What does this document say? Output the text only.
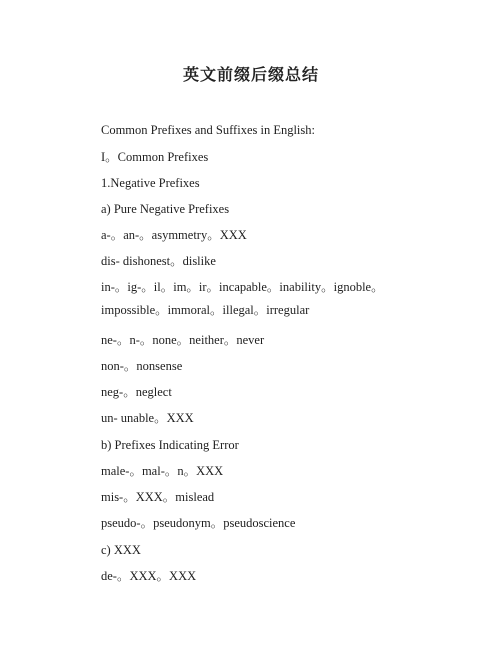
英文前缀后缀总结
Common Prefixes and Suffixes in English:
I。Common Prefixes
1.Negative Prefixes
a) Pure Negative Prefixes
a-。an-。asymmetry。XXX
dis- dishonest。dislike
in-。ig-。il。im。ir。incapable。inability。ignoble。impossible。immoral。illegal。irregular
ne-。n-。none。neither。never
non-。nonsense
neg-。neglect
un- unable。XXX
b) Prefixes Indicating Error
male-。mal-。n。XXX
mis-。XXX。mislead
pseudo-。pseudonym。pseudoscience
c) XXX
de-。XXX。XXX
